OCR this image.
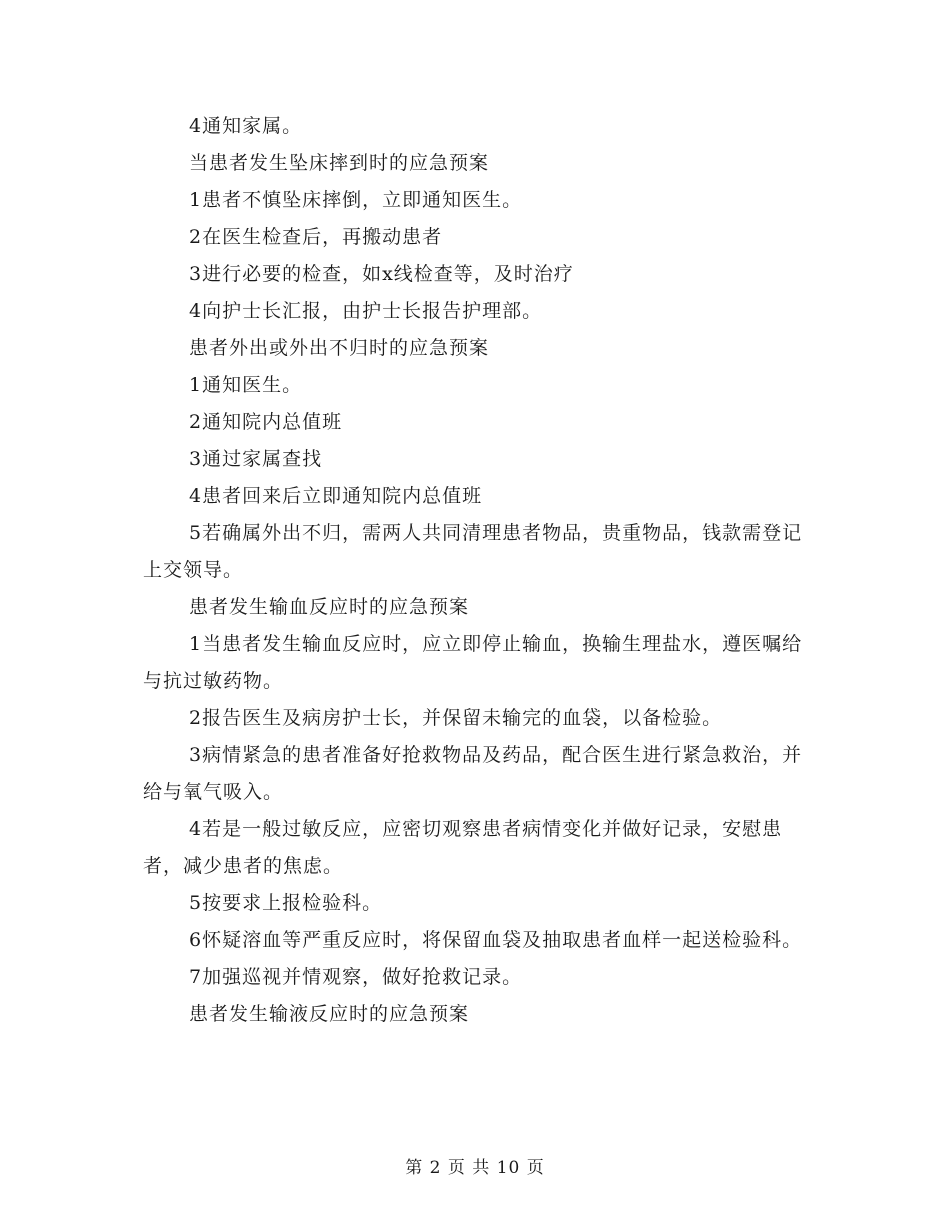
4通知家属。

当患者发生坠床摔到时的应急预案

1患者不慎坠床摔倒，立即通知医生。

2在医生检查后，再搬动患者

3进行必要的检查，如x线检查等，及时治疗

4向护士长汇报，由护士长报告护理部。

患者外出或外出不归时的应急预案

1通知医生。

2通知院内总值班

3通过家属查找

4患者回来后立即通知院内总值班

5若确属外出不归，需两人共同清理患者物品，贵重物品，钱款需登记上交领导。

患者发生输血反应时的应急预案

1当患者发生输血反应时，应立即停止输血，换输生理盐水，遵医嘱给与抗过敏药物。

2报告医生及病房护士长，并保留未输完的血袋，以备检验。

3病情紧急的患者准备好抢救物品及药品，配合医生进行紧急救治，并给与氧气吸入。

4若是一般过敏反应，应密切观察患者病情变化并做好记录，安慰患者，减少患者的焦虑。

5按要求上报检验科。

6怀疑溶血等严重反应时，将保留血袋及抽取患者血样一起送检验科。

7加强巡视并情观察，做好抢救记录。

患者发生输液反应时的应急预案

第 2 页 共 10 页
